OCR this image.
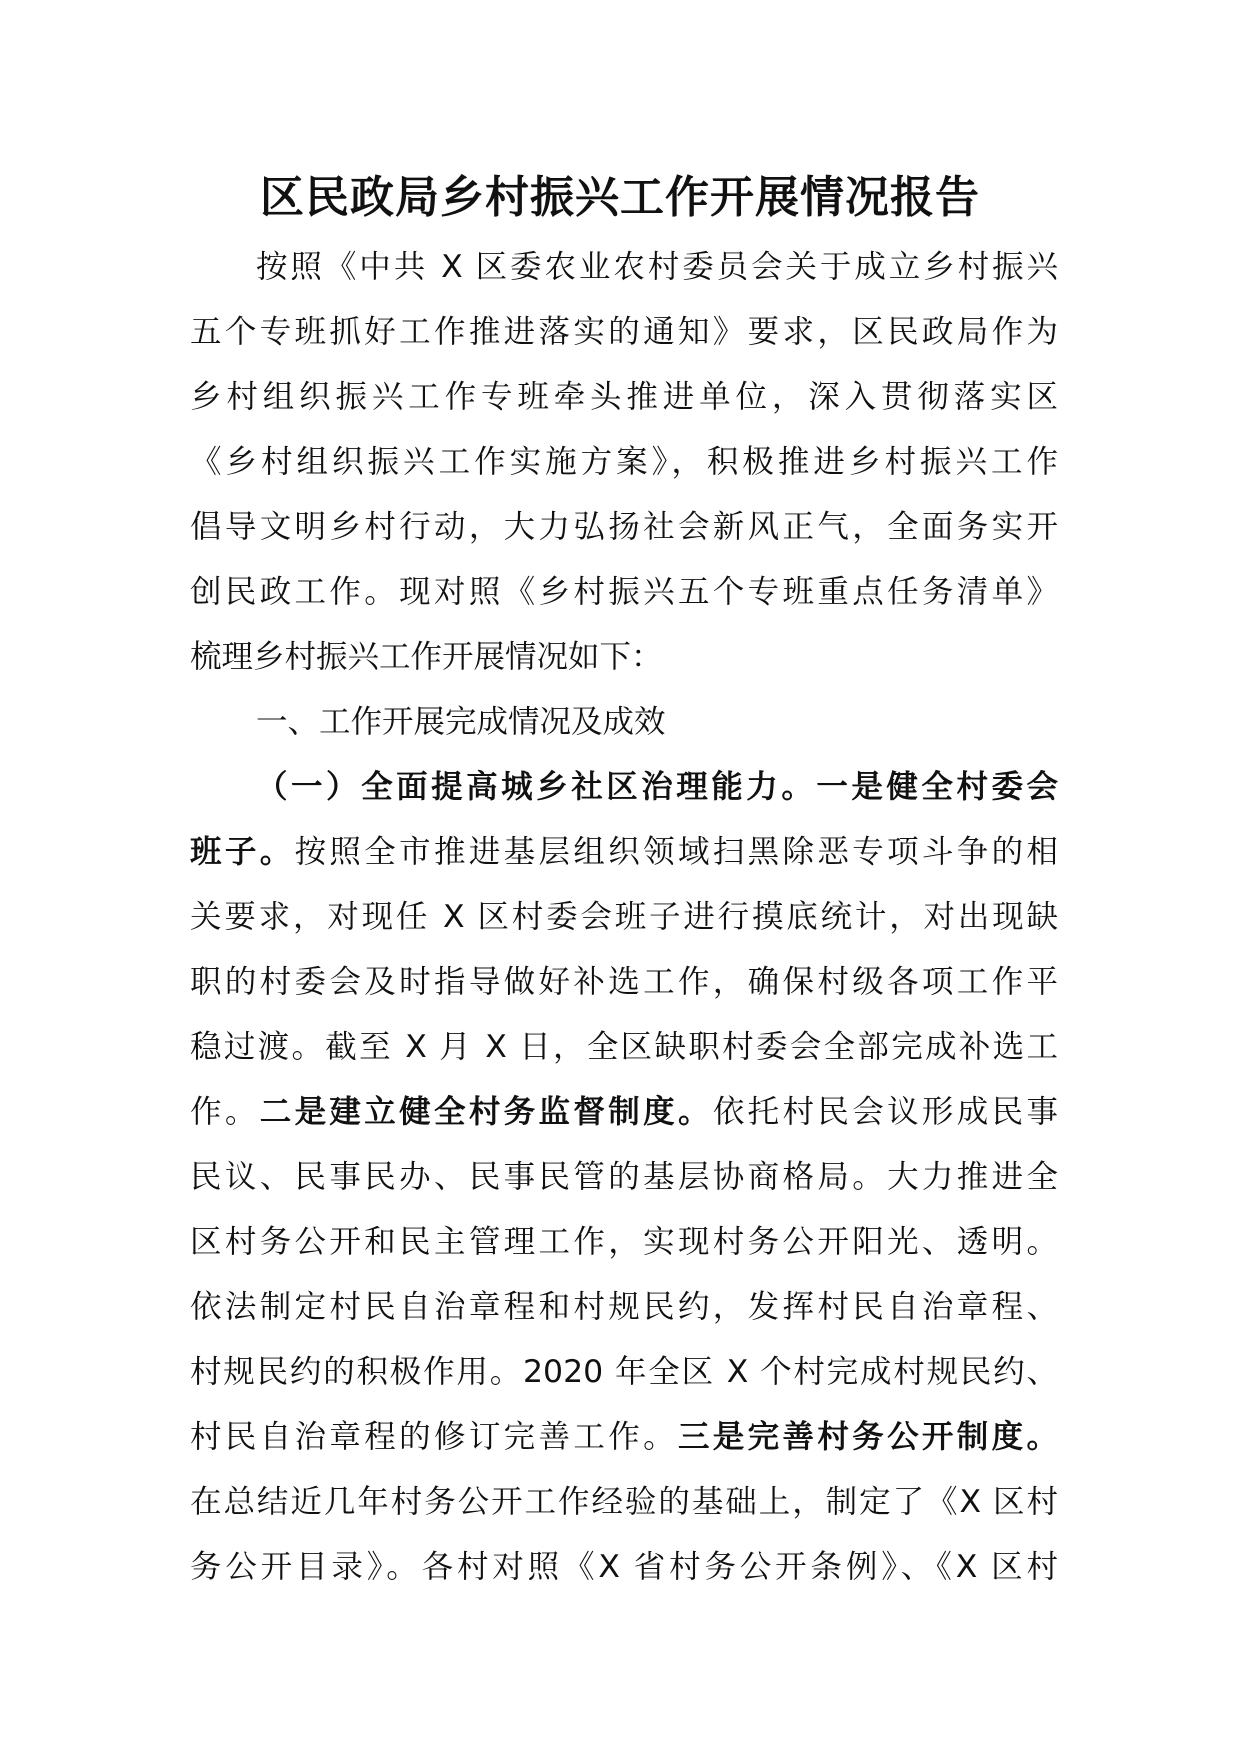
区民政局乡村振兴工作开展情况报告
按照《中共 X 区委农业农村委员会关于成立乡村振兴
五个专班抓好工作推进落实的通知》要求，区民政局作为
乡村组织振兴工作专班牵头推进单位，深入贯彻落实区
《乡村组织振兴工作实施方案》，积极推进乡村振兴工作
倡导文明乡村行动，大力弘扬社会新风正气，全面务实开
创民政工作。现对照《乡村振兴五个专班重点任务清单》
梳理乡村振兴工作开展情况如下：
一、工作开展完成情况及成效
（一）全面提高城乡社区治理能力。一是健全村委会
班子。按照全市推进基层组织领域扫黑除恶专项斗争的相
关要求，对现任 X 区村委会班子进行摸底统计，对出现缺
职的村委会及时指导做好补选工作，确保村级各项工作平
稳过渡。截至 X 月 X 日，全区缺职村委会全部完成补选工
作。二是建立健全村务监督制度。依托村民会议形成民事
民议、民事民办、民事民管的基层协商格局。大力推进全
区村务公开和民主管理工作，实现村务公开阳光、透明。
依法制定村民自治章程和村规民约，发挥村民自治章程、
村规民约的积极作用。2020 年全区 X 个村完成村规民约、
村民自治章程的修订完善工作。三是完善村务公开制度。
在总结近几年村务公开工作经验的基础上，制定了《X 区村
务公开目录》。各村对照《X 省村务公开条例》、《X 区村
